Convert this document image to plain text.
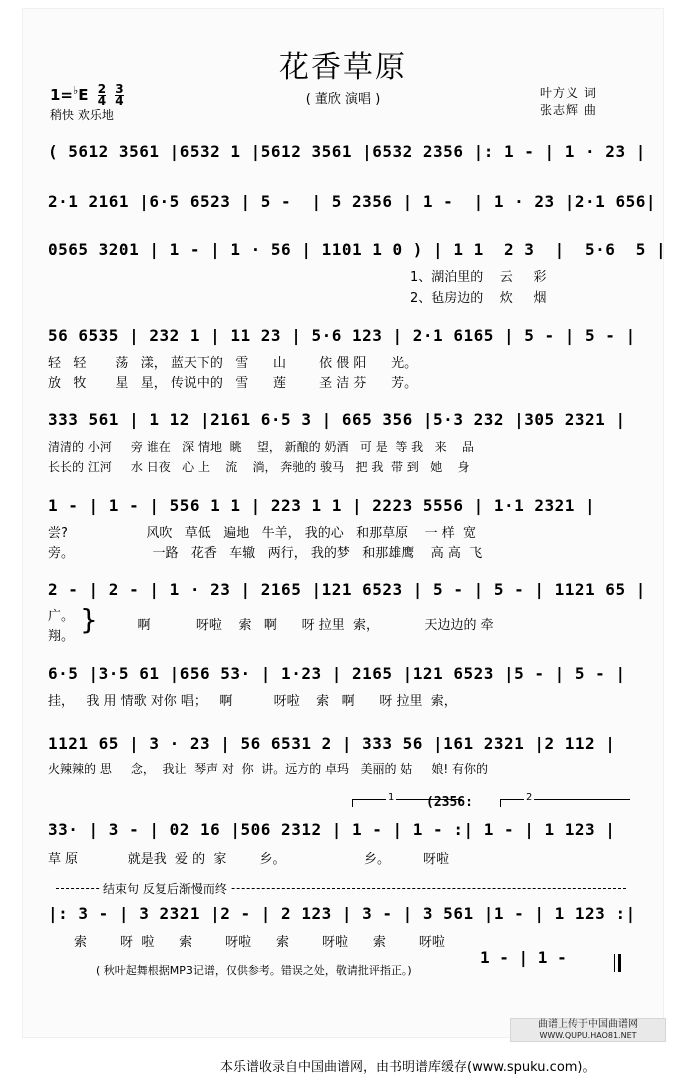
花香草原
( 董欣 演唱 )
$1=^♭E \frac{2}{4}$
$\frac{3}{4}$
稍快 欢乐地
叶方义 词
张志辉 曲
( 5612 3561 |6532 1 |5612 3561 |6532 2356 |: 1 - | 1 · 23 |
2·1 2161 |6·5 6523 | 5 -  | 5 2356 | 1 -  | 1 · 23 |2·1 656|
0565 3201 | 1 - | 1 · 56 | 1101 1 0 ) | 1 1  2 3  |  5·6  5 |
1、湖泊里的    云     彩
2、毡房边的    炊     烟
56 6535 | 232 1 | 11 23 | 5·6 123 | 2·1 6165 | 5 - | 5 - |
轻   轻       荡   漾， 蓝天下的   雪      山        依 偎 阳      光。
放   牧       星   星， 传说中的   雪      莲        圣 洁 芬      芳。
333 561 | 1 12 |2161 6·5 3 | 665 356 |5·3 232 |305 2321 |
清清的 小河     旁 谁在   深 情地  眺    望， 新酿的 奶酒   可 是  等 我   来    品
长长的 江河     水 日夜   心 上    流    淌， 奔驰的 骏马   把 我  带 到   她    身
1 - | 1 - | 556 1 1 | 223 1 1 | 2223 5556 | 1·1 2321 |
尝?                   风吹   草低   遍地   牛羊， 我的心   和那草原    一 样  宽
旁。                   一路   花香   车辙   两行， 我的梦   和那雄鹰    高 高  飞
2 - | 2 - | 1 · 23 | 2165 |121 6523 | 5 - | 5 - | 1121 65 |
广。
翔。
}
啊           呀啦    索   啊      呀 拉里  索，           天边边的 牵
6·5 |3·5 61 |656 53· | 1·23 | 2165 |121 6523 |5 - | 5 - |
挂，   我 用 情歌 对你 唱；   啊          呀啦    索   啊      呀 拉里  索，
1121 65 | 3 · 23 | 56 6531 2 | 333 56 |161 2321 |2 112 |
火辣辣的 思     念，  我让  琴声 对  你  讲。远方的 卓玛   美丽的 姑     娘! 有你的
1 (2356:	2
33· | 3 - | 02 16 |506 2312 | 1 - | 1 - :| 1 - | 1 123 |
草 原            就是我  爱 的  家        乡。                   乡。        呀啦
结束句 反复后渐慢而终
|: 3 - | 3 2321 |2 - | 2 123 | 3 - | 3 561 |1 - | 1 123 :|
索        呀  啦      索        呀啦      索        呀啦      索        呀啦
( 秋叶起舞根据MP3记谱，仅供参考。错误之处，敬请批评指正。)
1 - | 1 -
曲谱上传于中国曲谱网
WWW.QUPU.HAO81.NET
本乐谱收录自中国曲谱网，由书明谱库缓存(www.spuku.com)。
